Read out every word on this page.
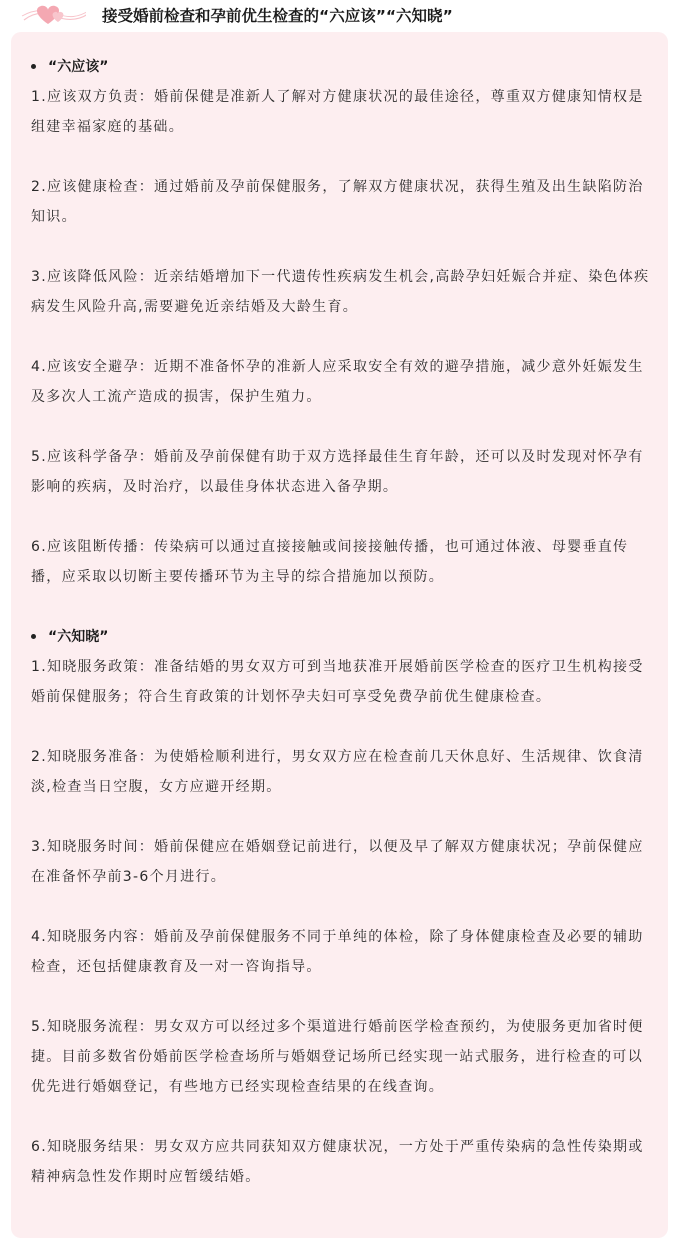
接受婚前检查和孕前优生检查的“六应该”“六知晓”
“六应该”

1.应该双方负责：婚前保健是准新人了解对方健康状况的最佳途径，尊重双方健康知情权是组建幸福家庭的基础。

2.应该健康检查：通过婚前及孕前保健服务，了解双方健康状况，获得生殖及出生缺陷防治知识。

3.应该降低风险：近亲结婚增加下一代遗传性疾病发生机会,高龄孕妇妊娠合并症、染色体疾病发生风险升高,需要避免近亲结婚及大龄生育。

4.应该安全避孕：近期不准备怀孕的准新人应采取安全有效的避孕措施，减少意外妊娠发生及多次人工流产造成的损害，保护生殖力。

5.应该科学备孕：婚前及孕前保健有助于双方选择最佳生育年龄，还可以及时发现对怀孕有影响的疾病，及时治疗，以最佳身体状态进入备孕期。

6.应该阻断传播：传染病可以通过直接接触或间接接触传播，也可通过体液、母婴垂直传播，应采取以切断主要传播环节为主导的综合措施加以预防。

“六知晓”

1.知晓服务政策：准备结婚的男女双方可到当地获准开展婚前医学检查的医疗卫生机构接受婚前保健服务；符合生育政策的计划怀孕夫妇可享受免费孕前优生健康检查。

2.知晓服务准备：为使婚检顺利进行，男女双方应在检查前几天休息好、生活规律、饮食清淡,检查当日空腹，女方应避开经期。

3.知晓服务时间：婚前保健应在婚姻登记前进行，以便及早了解双方健康状况；孕前保健应在准备怀孕前3-6个月进行。

4.知晓服务内容：婚前及孕前保健服务不同于单纯的体检，除了身体健康检查及必要的辅助检查，还包括健康教育及一对一咨询指导。

5.知晓服务流程：男女双方可以经过多个渠道进行婚前医学检查预约，为使服务更加省时便捷。目前多数省份婚前医学检查场所与婚姻登记场所已经实现一站式服务，进行检查的可以优先进行婚姻登记，有些地方已经实现检查结果的在线查询。

6.知晓服务结果：男女双方应共同获知双方健康状况，一方处于严重传染病的急性传染期或精神病急性发作期时应暂缓结婚。
